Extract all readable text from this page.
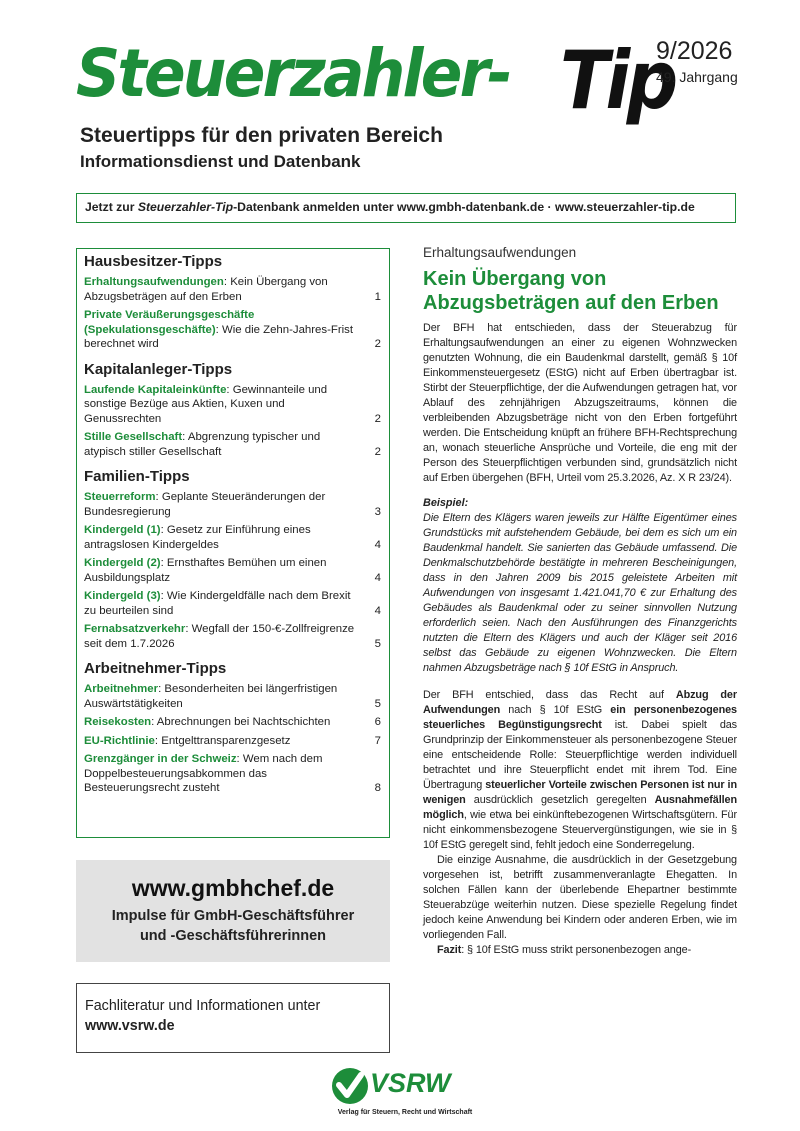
Steuerzahler- Tip
9/2026
49. Jahrgang
Steuertipps für den privaten Bereich
Informationsdienst und Datenbank
Jetzt zur Steuerzahler-Tip-Datenbank anmelden unter www.gmbh-datenbank.de · www.steuerzahler-tip.de
Hausbesitzer-Tipps
Erhaltungsaufwendungen: Kein Übergang von Abzugsbeträgen auf den Erben	1
Private Veräußerungsgeschäfte (Spekulationsgeschäfte): Wie die Zehn-Jahres-Frist berechnet wird	2
Kapitalanleger-Tipps
Laufende Kapitaleinkünfte: Gewinnanteile und sonstige Bezüge aus Aktien, Kuxen und Genussrechten	2
Stille Gesellschaft: Abgrenzung typischer und atypisch stiller Gesellschaft	2
Familien-Tipps
Steuerreform: Geplante Steueränderungen der Bundesregierung	3
Kindergeld (1): Gesetz zur Einführung eines antragslosen Kindergeldes	4
Kindergeld (2): Ernsthaftes Bemühen um einen Ausbildungsplatz	4
Kindergeld (3): Wie Kindergeldfälle nach dem Brexit zu beurteilen sind	4
Fernabsatzverkehr: Wegfall der 150-€-Zollfreigrenze seit dem 1.7.2026	5
Arbeitnehmer-Tipps
Arbeitnehmer: Besonderheiten bei längerfristigen Auswärtstätigkeiten	5
Reisekosten: Abrechnungen bei Nachtschichten	6
EU-Richtlinie: Entgelttransparenzgesetz	7
Grenzgänger in der Schweiz: Wem nach dem Doppelbesteuerungsabkommen das Besteuerungsrecht zusteht	8
www.gmbhchef.de
Impulse für GmbH-Geschäftsführer
und -Geschäftsführerinnen
Fachliteratur und Informationen unter
www.vsrw.de
Erhaltungsaufwendungen
Kein Übergang von Abzugsbeträgen auf den Erben
Der BFH hat entschieden, dass der Steuerabzug für Erhaltungsaufwendungen an einer zu eigenen Wohnzwecken genutzten Wohnung, die ein Baudenkmal darstellt, gemäß § 10f Einkommensteuergesetz (EStG) nicht auf Erben übertragbar ist. Stirbt der Steuerpflichtige, der die Aufwendungen getragen hat, vor Ablauf des zehnjährigen Abzugszeitraums, können die verbleibenden Abzugsbeträge nicht von den Erben fortgeführt werden. Die Entscheidung knüpft an frühere BFH-Rechtsprechung an, wonach steuerliche Ansprüche und Vorteile, die eng mit der Person des Steuerpflichtigen verbunden sind, grundsätzlich nicht auf Erben übergehen (BFH, Urteil vom 25.3.2026, Az. X R 23/24).
Beispiel:
Die Eltern des Klägers waren jeweils zur Hälfte Eigentümer eines Grundstücks mit aufstehendem Gebäude, bei dem es sich um ein Baudenkmal handelt. Sie sanierten das Gebäude umfassend. Die Denkmalschutzbehörde bestätigte in mehreren Bescheinigungen, dass in den Jahren 2009 bis 2015 geleistete Arbeiten mit Aufwendungen von insgesamt 1.421.041,70 € zur Erhaltung des Gebäudes als Baudenkmal oder zu seiner sinnvollen Nutzung erforderlich seien. Nach den Ausführungen des Finanzgerichts nutzten die Eltern des Klägers und auch der Kläger seit 2016 selbst das Gebäude zu eigenen Wohnzwecken. Die Eltern nahmen Abzugsbeträge nach § 10f EStG in Anspruch.
Der BFH entschied, dass das Recht auf Abzug der Aufwendungen nach § 10f EStG ein personenbezogenes steuerliches Begünstigungsrecht ist. Dabei spielt das Grundprinzip der Einkommensteuer als personenbezogene Steuer eine entscheidende Rolle: Steuerpflichtige werden individuell betrachtet und ihre Steuerpflicht endet mit ihrem Tod. Eine Übertragung steuerlicher Vorteile zwischen Personen ist nur in wenigen ausdrücklich gesetzlich geregelten Ausnahmefällen möglich, wie etwa bei einkünftebezogenen Wirtschaftsgütern. Für nicht einkommensbezogene Steuervergünstigungen, wie sie in § 10f EStG geregelt sind, fehlt jedoch eine Sonderregelung.
Die einzige Ausnahme, die ausdrücklich in der Gesetzgebung vorgesehen ist, betrifft zusammenveranlagte Ehegatten. In solchen Fällen kann der überlebende Ehepartner bestimmte Steuerabzüge weiterhin nutzen. Diese spezielle Regelung findet jedoch keine Anwendung bei Kindern oder anderen Erben, wie im vorliegenden Fall.
Fazit: § 10f EStG muss strikt personenbezogen ange-
VSRW
Verlag für Steuern, Recht und Wirtschaft
